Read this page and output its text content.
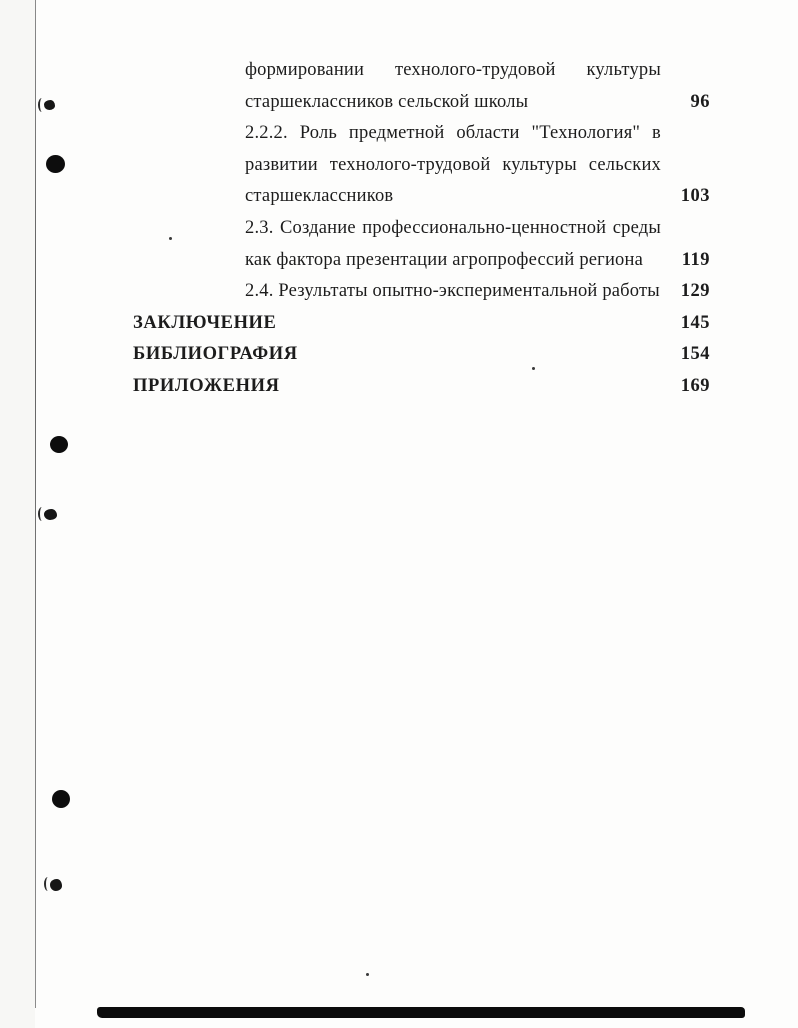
формировании технолого-трудовой культуры
старшеклассников сельской школы	96
2.2.2. Роль предметной области "Технология" в
развитии технолого-трудовой культуры сельских
старшеклассников	103
2.3. Создание профессионально-ценностной среды
как фактора презентации агропрофессий региона 119
2.4. Результаты опытно-экспериментальной работы 129
ЗАКЛЮЧЕНИЕ	145
БИБЛИОГРАФИЯ	154
ПРИЛОЖЕНИЯ	169
